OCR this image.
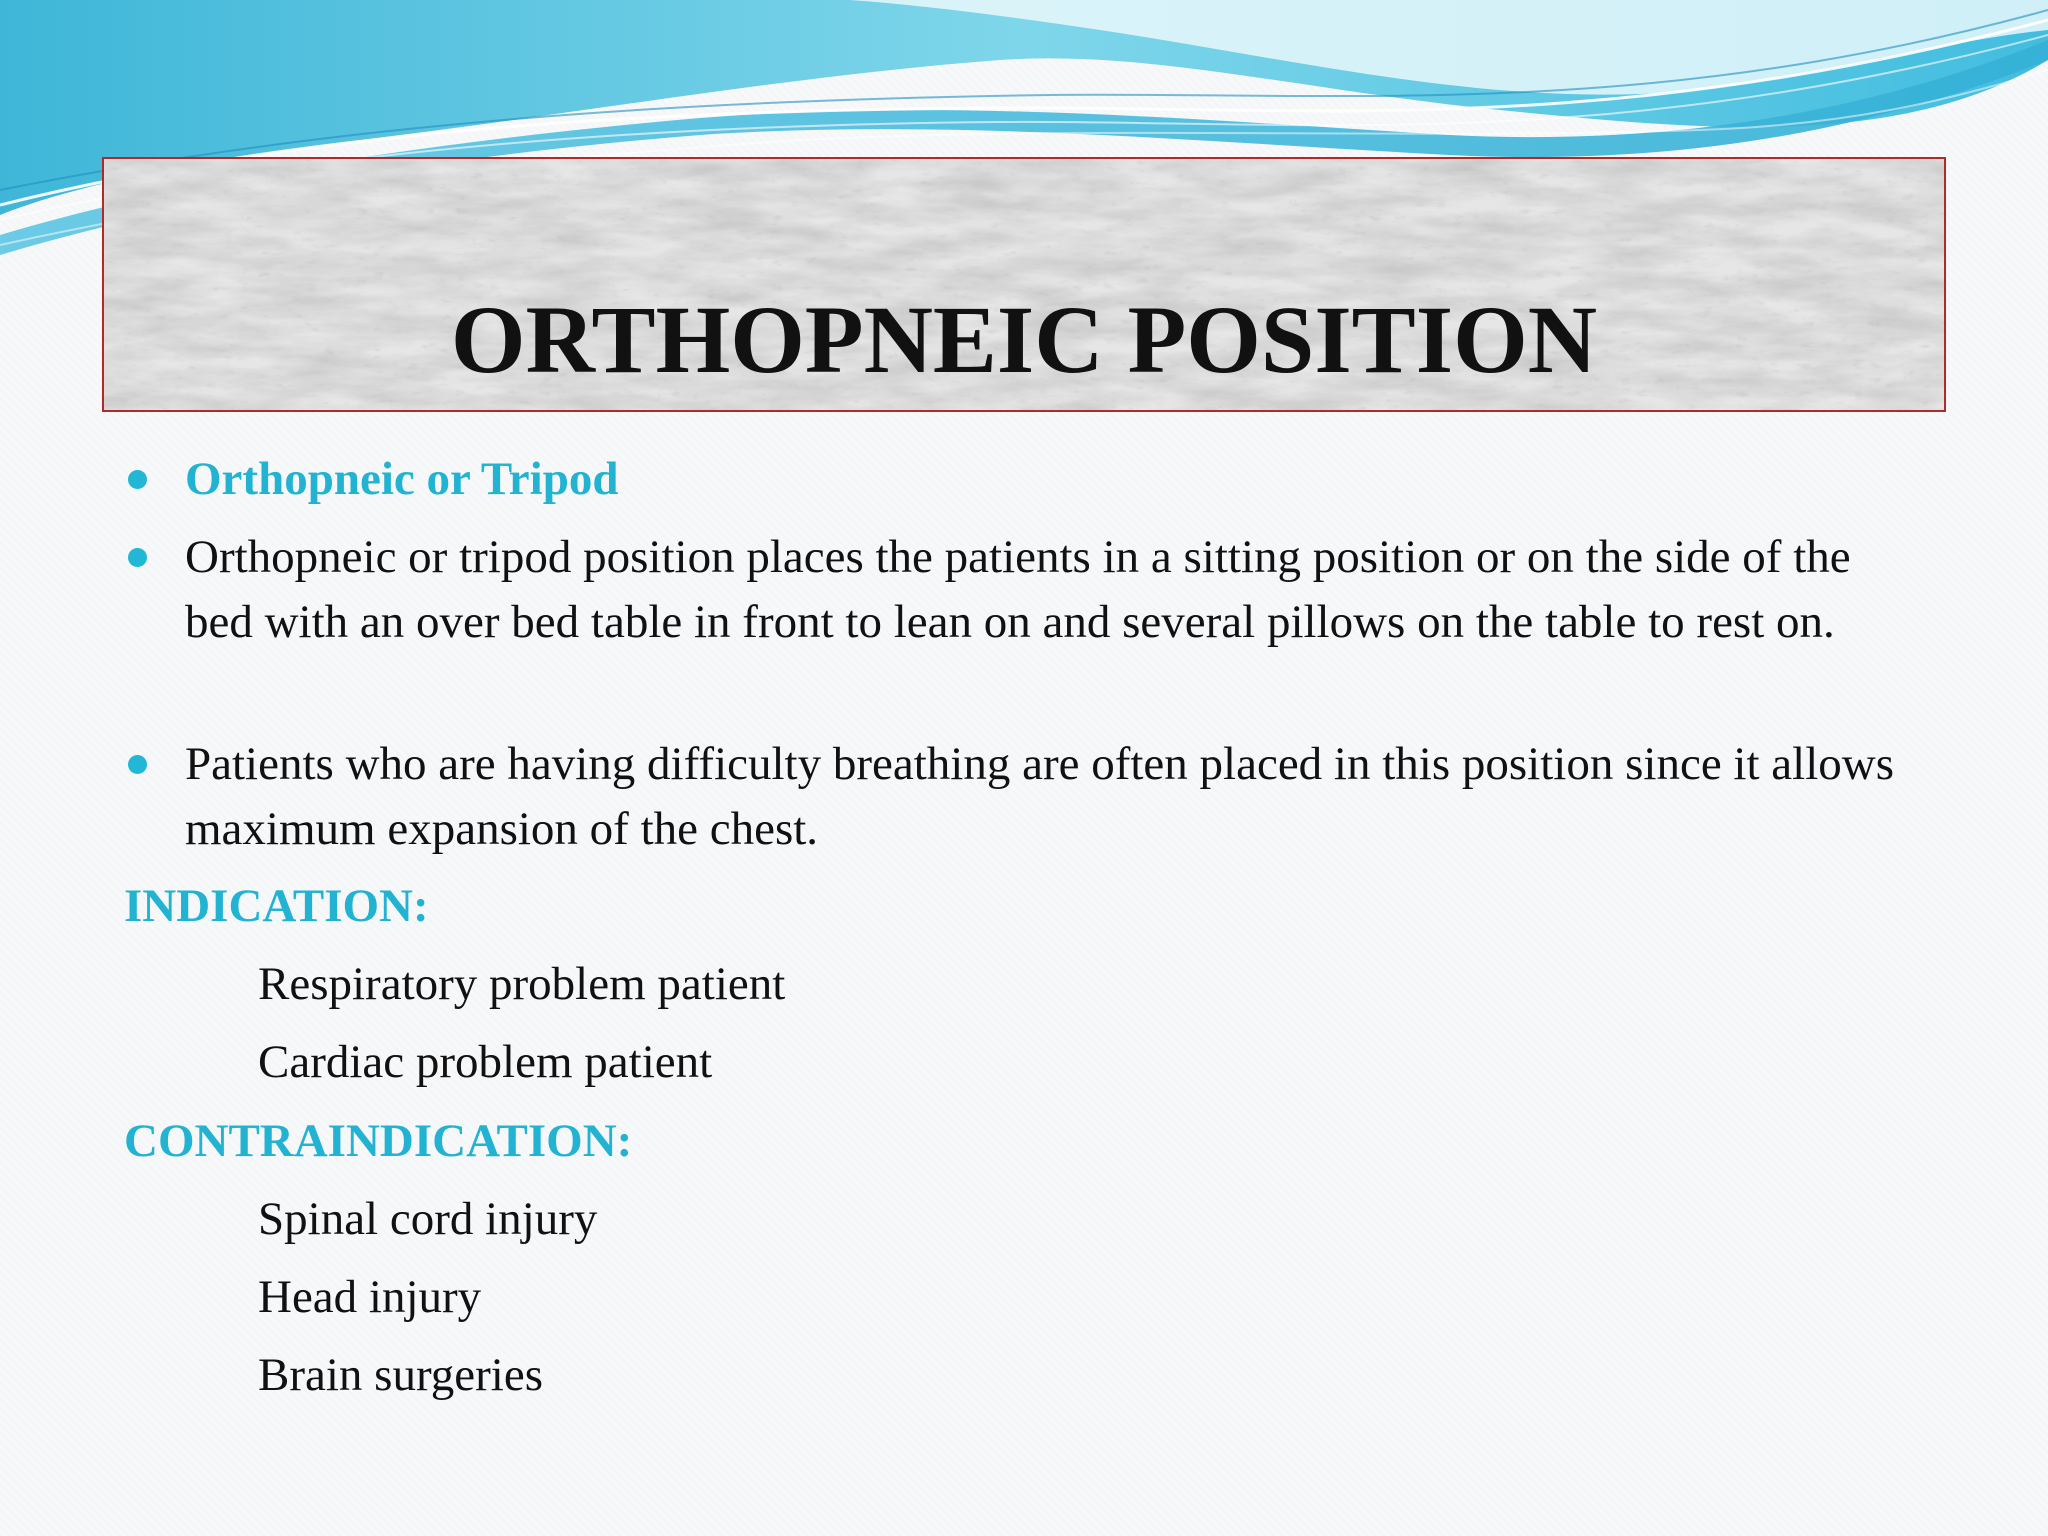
ORTHOPNEIC POSITION
Orthopneic or Tripod
Orthopneic or tripod position places the patients in a sitting position or on the side of the bed with an over bed table in front to lean on and several pillows on the table to rest on.
Patients who are having difficulty breathing are often placed in this position since it allows maximum expansion of the chest.
INDICATION:
Respiratory problem patient
Cardiac problem patient
CONTRAINDICATION:
Spinal cord injury
Head injury
Brain surgeries
